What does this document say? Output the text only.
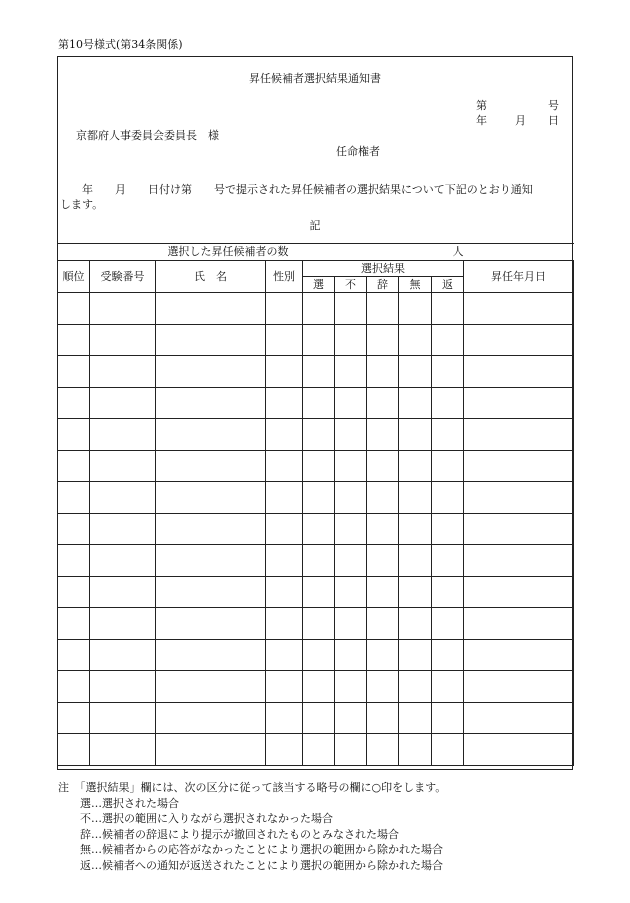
第10号様式(第34条関係)
昇任候補者選択結果通知書
第	号
年	月 日
京都府人事委員会委員長　様
任命権者
年　　月　　日付け第　　号で提示された昇任候補者の選択結果について下記のとおり通知
します。
記
選択した昇任候補者の数 人									

順位	受験番号	氏　名	性別	選択結果					昇任年月日
				選	不	辞	無	返	

注　「選択結果」欄には、次の区分に従って該当する略号の欄に○印をします。
選…選択された場合
不…選択の範囲に入りながら選択されなかった場合
辞…候補者の辞退により提示が撤回されたものとみなされた場合
無…候補者からの応答がなかったことにより選択の範囲から除かれた場合
返…候補者への通知が返送されたことにより選択の範囲から除かれた場合
